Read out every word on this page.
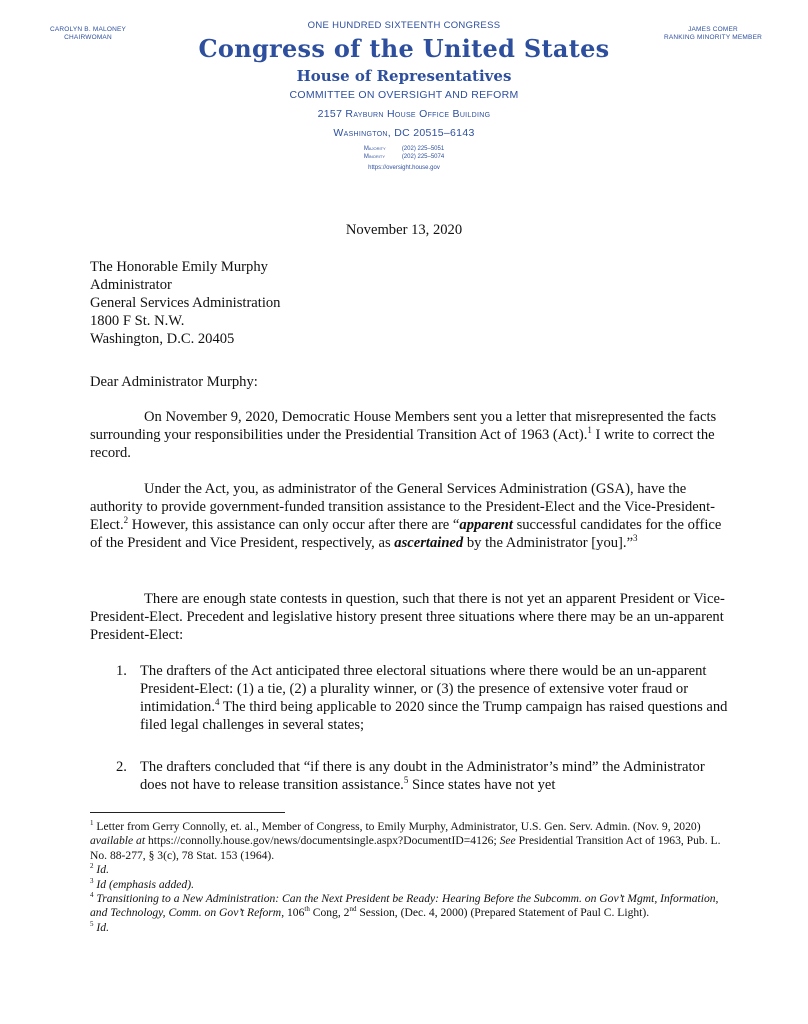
CAROLYN B. MALONEY
CHAIRWOMAN
JAMES COMER
RANKING MINORITY MEMBER
ONE HUNDRED SIXTEENTH CONGRESS
Congress of the United States
House of Representatives
COMMITTEE ON OVERSIGHT AND REFORM
2157 Rayburn House Office Building
Washington, DC 20515–6143
Majority	(202) 225–5051
Minority	(202) 225–5074
https://oversight.house.gov
November 13, 2020
The Honorable Emily Murphy
Administrator
General Services Administration
1800 F St. N.W.
Washington, D.C. 20405
Dear Administrator Murphy:

On November 9, 2020, Democratic House Members sent you a letter that misrepresented the facts surrounding your responsibilities under the Presidential Transition Act of 1963 (Act).$^1$ I write to correct the record.

Under the Act, you, as administrator of the General Services Administration (GSA), have the authority to provide government-funded transition assistance to the President-Elect and the Vice-President-Elect.$^2$ However, this assistance can only occur after there are “apparent successful candidates for the office of the President and Vice President, respectively, as ascertained by the Administrator [you].”$^3$

There are enough state contests in question, such that there is not yet an apparent President or Vice-President-Elect. Precedent and legislative history present three situations where there may be an un-apparent President-Elect:

1. The drafters of the Act anticipated three electoral situations where there would be an un-apparent President-Elect: (1) a tie, (2) a plurality winner, or (3) the presence of extensive voter fraud or intimidation.$^4$ The third being applicable to 2020 since the Trump campaign has raised questions and filed legal challenges in several states;
2. The drafters concluded that “if there is any doubt in the Administrator’s mind” the Administrator does not have to release transition assistance.$^5$ Since states have not yet
$^1$ Letter from Gerry Connolly, et. al., Member of Congress, to Emily Murphy, Administrator, U.S. Gen. Serv. Admin. (Nov. 9, 2020) available at https://connolly.house.gov/news/documentsingle.aspx?DocumentID=4126; See Presidential Transition Act of 1963, Pub. L. No. 88-277, § 3(c), 78 Stat. 153 (1964).
$^2$ Id.
$^3$ Id (emphasis added).
$^4$ Transitioning to a New Administration: Can the Next President be Ready: Hearing Before the Subcomm. on Gov’t Mgmt, Information, and Technology, Comm. on Gov’t Reform, 106th Cong, 2nd Session, (Dec. 4, 2000) (Prepared Statement of Paul C. Light).
$^5$ Id.
